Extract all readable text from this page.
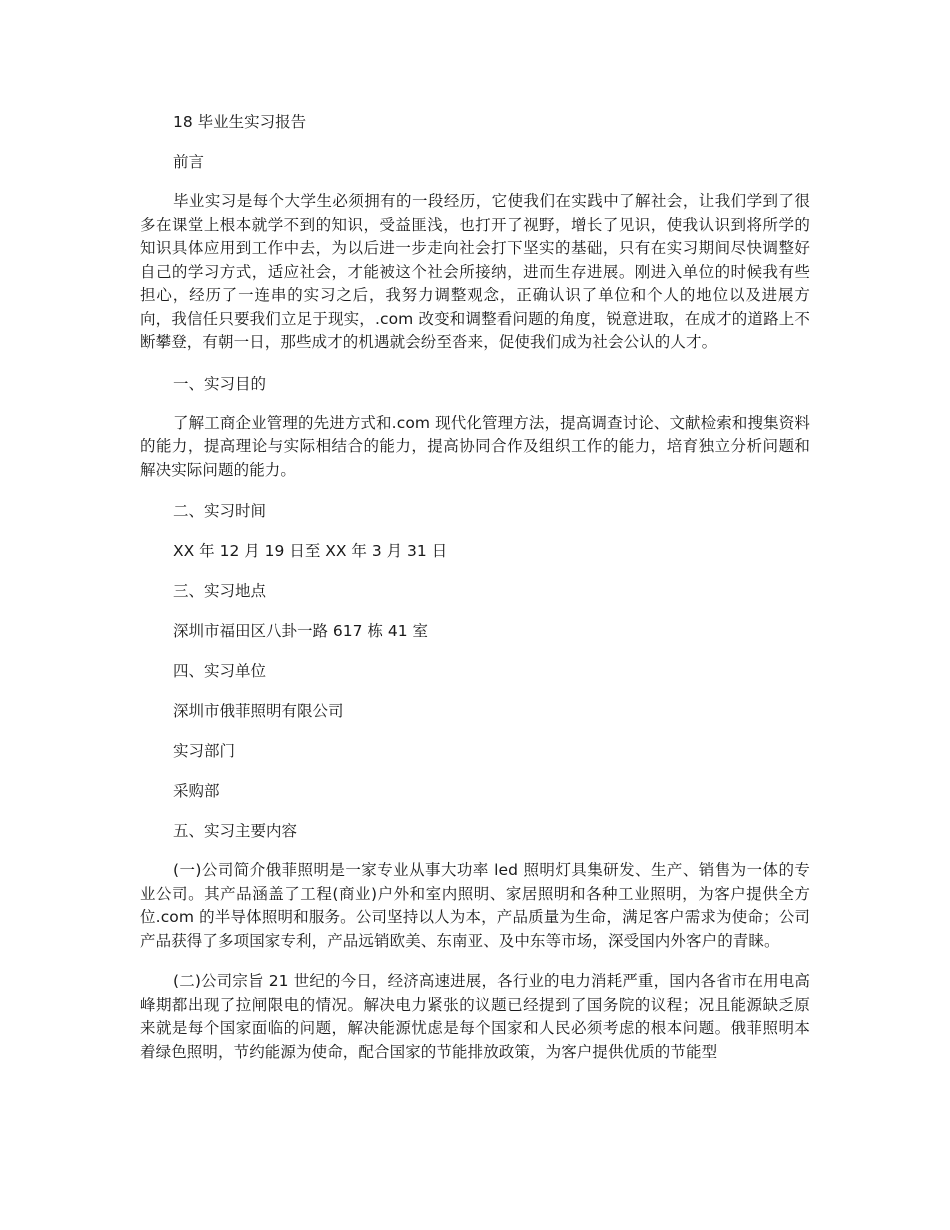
18 毕业生实习报告

前言

毕业实习是每个大学生必须拥有的一段经历，它使我们在实践中了解社会，让我们学到了很多在课堂上根本就学不到的知识，受益匪浅，也打开了视野，增长了见识，使我认识到将所学的知识具体应用到工作中去，为以后进一步走向社会打下坚实的基础，只有在实习期间尽快调整好自己的学习方式，适应社会，才能被这个社会所接纳，进而生存进展。刚进入单位的时候我有些担心，经历了一连串的实习之后，我努力调整观念，正确认识了单位和个人的地位以及进展方向，我信任只要我们立足于现实，.com 改变和调整看问题的角度，锐意进取，在成才的道路上不断攀登，有朝一日，那些成才的机遇就会纷至沓来，促使我们成为社会公认的人才。

一、实习目的

了解工商企业管理的先进方式和.com 现代化管理方法，提高调查讨论、文献检索和搜集资料的能力，提高理论与实际相结合的能力，提高协同合作及组织工作的能力，培育独立分析问题和解决实际问题的能力。

二、实习时间

XX 年 12 月 19 日至 XX 年 3 月 31 日

三、实习地点

深圳市福田区八卦一路 617 栋 41 室

四、实习单位

深圳市俄菲照明有限公司

实习部门

采购部

五、实习主要内容

(一)公司简介俄菲照明是一家专业从事大功率 led 照明灯具集研发、生产、销售为一体的专业公司。其产品涵盖了工程(商业)户外和室内照明、家居照明和各种工业照明，为客户提供全方位.com 的半导体照明和服务。公司坚持以人为本，产品质量为生命，满足客户需求为使命；公司产品获得了多项国家专利，产品远销欧美、东南亚、及中东等市场，深受国内外客户的青睐。

(二)公司宗旨 21 世纪的今日，经济高速进展，各行业的电力消耗严重，国内各省市在用电高峰期都出现了拉闸限电的情况。解决电力紧张的议题已经提到了国务院的议程；况且能源缺乏原来就是每个国家面临的问题，解决能源忧虑是每个国家和人民必须考虑的根本问题。俄菲照明本着绿色照明，节约能源为使命，配合国家的节能排放政策，为客户提供优质的节能型
